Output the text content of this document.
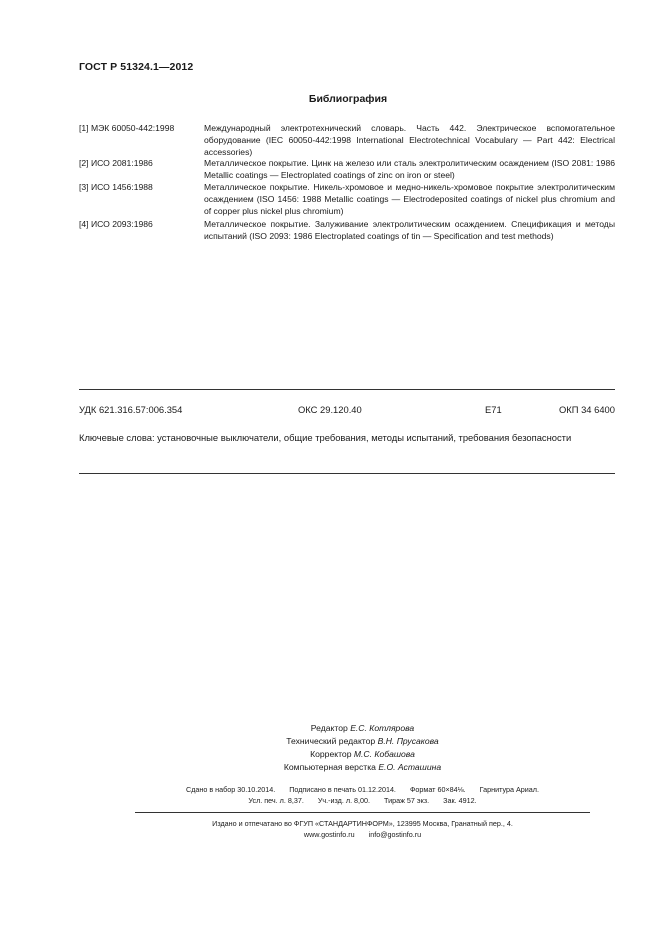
ГОСТ Р 51324.1—2012
Библиография
[1] МЭК 60050-442:1998	Международный электротехнический словарь. Часть 442. Электрическое вспомогательное оборудование (IEC 60050-442:1998 International Electrotechnical Vocabulary — Part 442: Electrical accessories)
[2] ИСО 2081:1986	Металлическое покрытие. Цинк на железо или сталь электролитическим осаждением (ISO 2081: 1986 Metallic coatings — Electroplated coatings of zinc on iron or steel)
[3] ИСО 1456:1988	Металлическое покрытие. Никель-хромовое и медно-никель-хромовое покрытие электролитическим осаждением (ISO 1456: 1988 Metallic coatings — Electrodeposited coatings of nickel plus chromium and of copper plus nickel plus chromium)
[4] ИСО 2093:1986	Металлическое покрытие. Залуживание электролитическим осаждением. Спецификация и методы испытаний (ISO 2093: 1986 Electroplated coatings of tin — Specification and test methods)
УДК 621.316.57:006.354	ОКС 29.120.40	Е71	ОКП 34 6400
Ключевые слова: установочные выключатели, общие требования, методы испытаний, требования безопасности
Редактор Е.С. Котлярова
Технический редактор В.Н. Прусакова
Корректор М.С. Кобашова
Компьютерная верстка Е.О. Асташина
Сдано в набор 30.10.2014. Подписано в печать 01.12.2014. Формат 60×84⅛. Гарнитура Ариал.
Усл. печ. л. 8,37. Уч.-изд. л. 8,00. Тираж 57 экз. Зак. 4912.
Издано и отпечатано во ФГУП «СТАНДАРТИНФОРМ», 123995 Москва, Гранатный пер., 4.
www.gostinfo.ru info@gostinfo.ru
